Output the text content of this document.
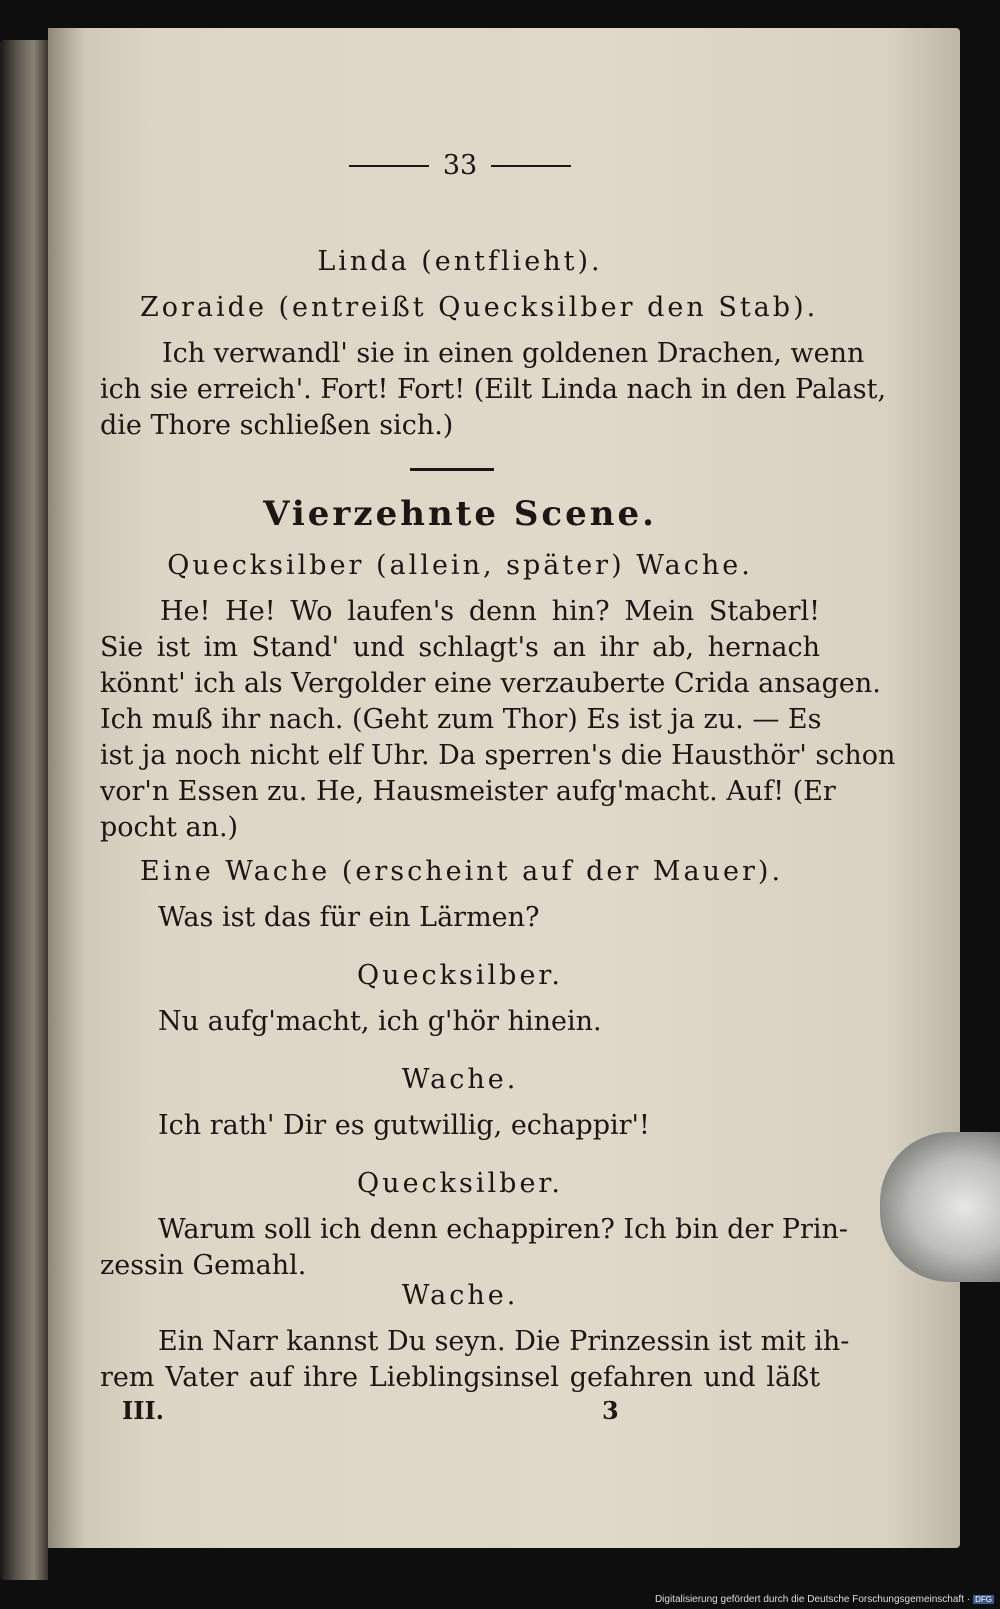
33
Linda (entflieht).
Zoraide (entreißt Quecksilber den Stab).
Ich verwandl' sie in einen goldenen Drachen, wenn
ich sie erreich'. Fort! Fort! (Eilt Linda nach in den Palast,
die Thore schließen sich.)
Vierzehnte Scene.
Quecksilber (allein, später) Wache.
He! He! Wo laufen's denn hin? Mein Staberl!
Sie ist im Stand' und schlagt's an ihr ab, hernach
könnt' ich als Vergolder eine verzauberte Crida ansagen.
Ich muß ihr nach. (Geht zum Thor) Es ist ja zu. — Es
ist ja noch nicht elf Uhr. Da sperren's die Hausthör' schon
vor'n Essen zu. He, Hausmeister aufg'macht. Auf! (Er
pocht an.)
Eine Wache (erscheint auf der Mauer).
Was ist das für ein Lärmen?
Quecksilber.
Nu aufg'macht, ich g'hör hinein.
Wache.
Ich rath' Dir es gutwillig, echappir'!
Quecksilber.
Warum soll ich denn echappiren? Ich bin der Prin-
zessin Gemahl.
Wache.
Ein Narr kannst Du seyn. Die Prinzessin ist mit ih-
rem Vater auf ihre Lieblingsinsel gefahren und läßt
III.	3
Digitalisierung gefördert durch die Deutsche Forschungsgemeinschaft · DFG
